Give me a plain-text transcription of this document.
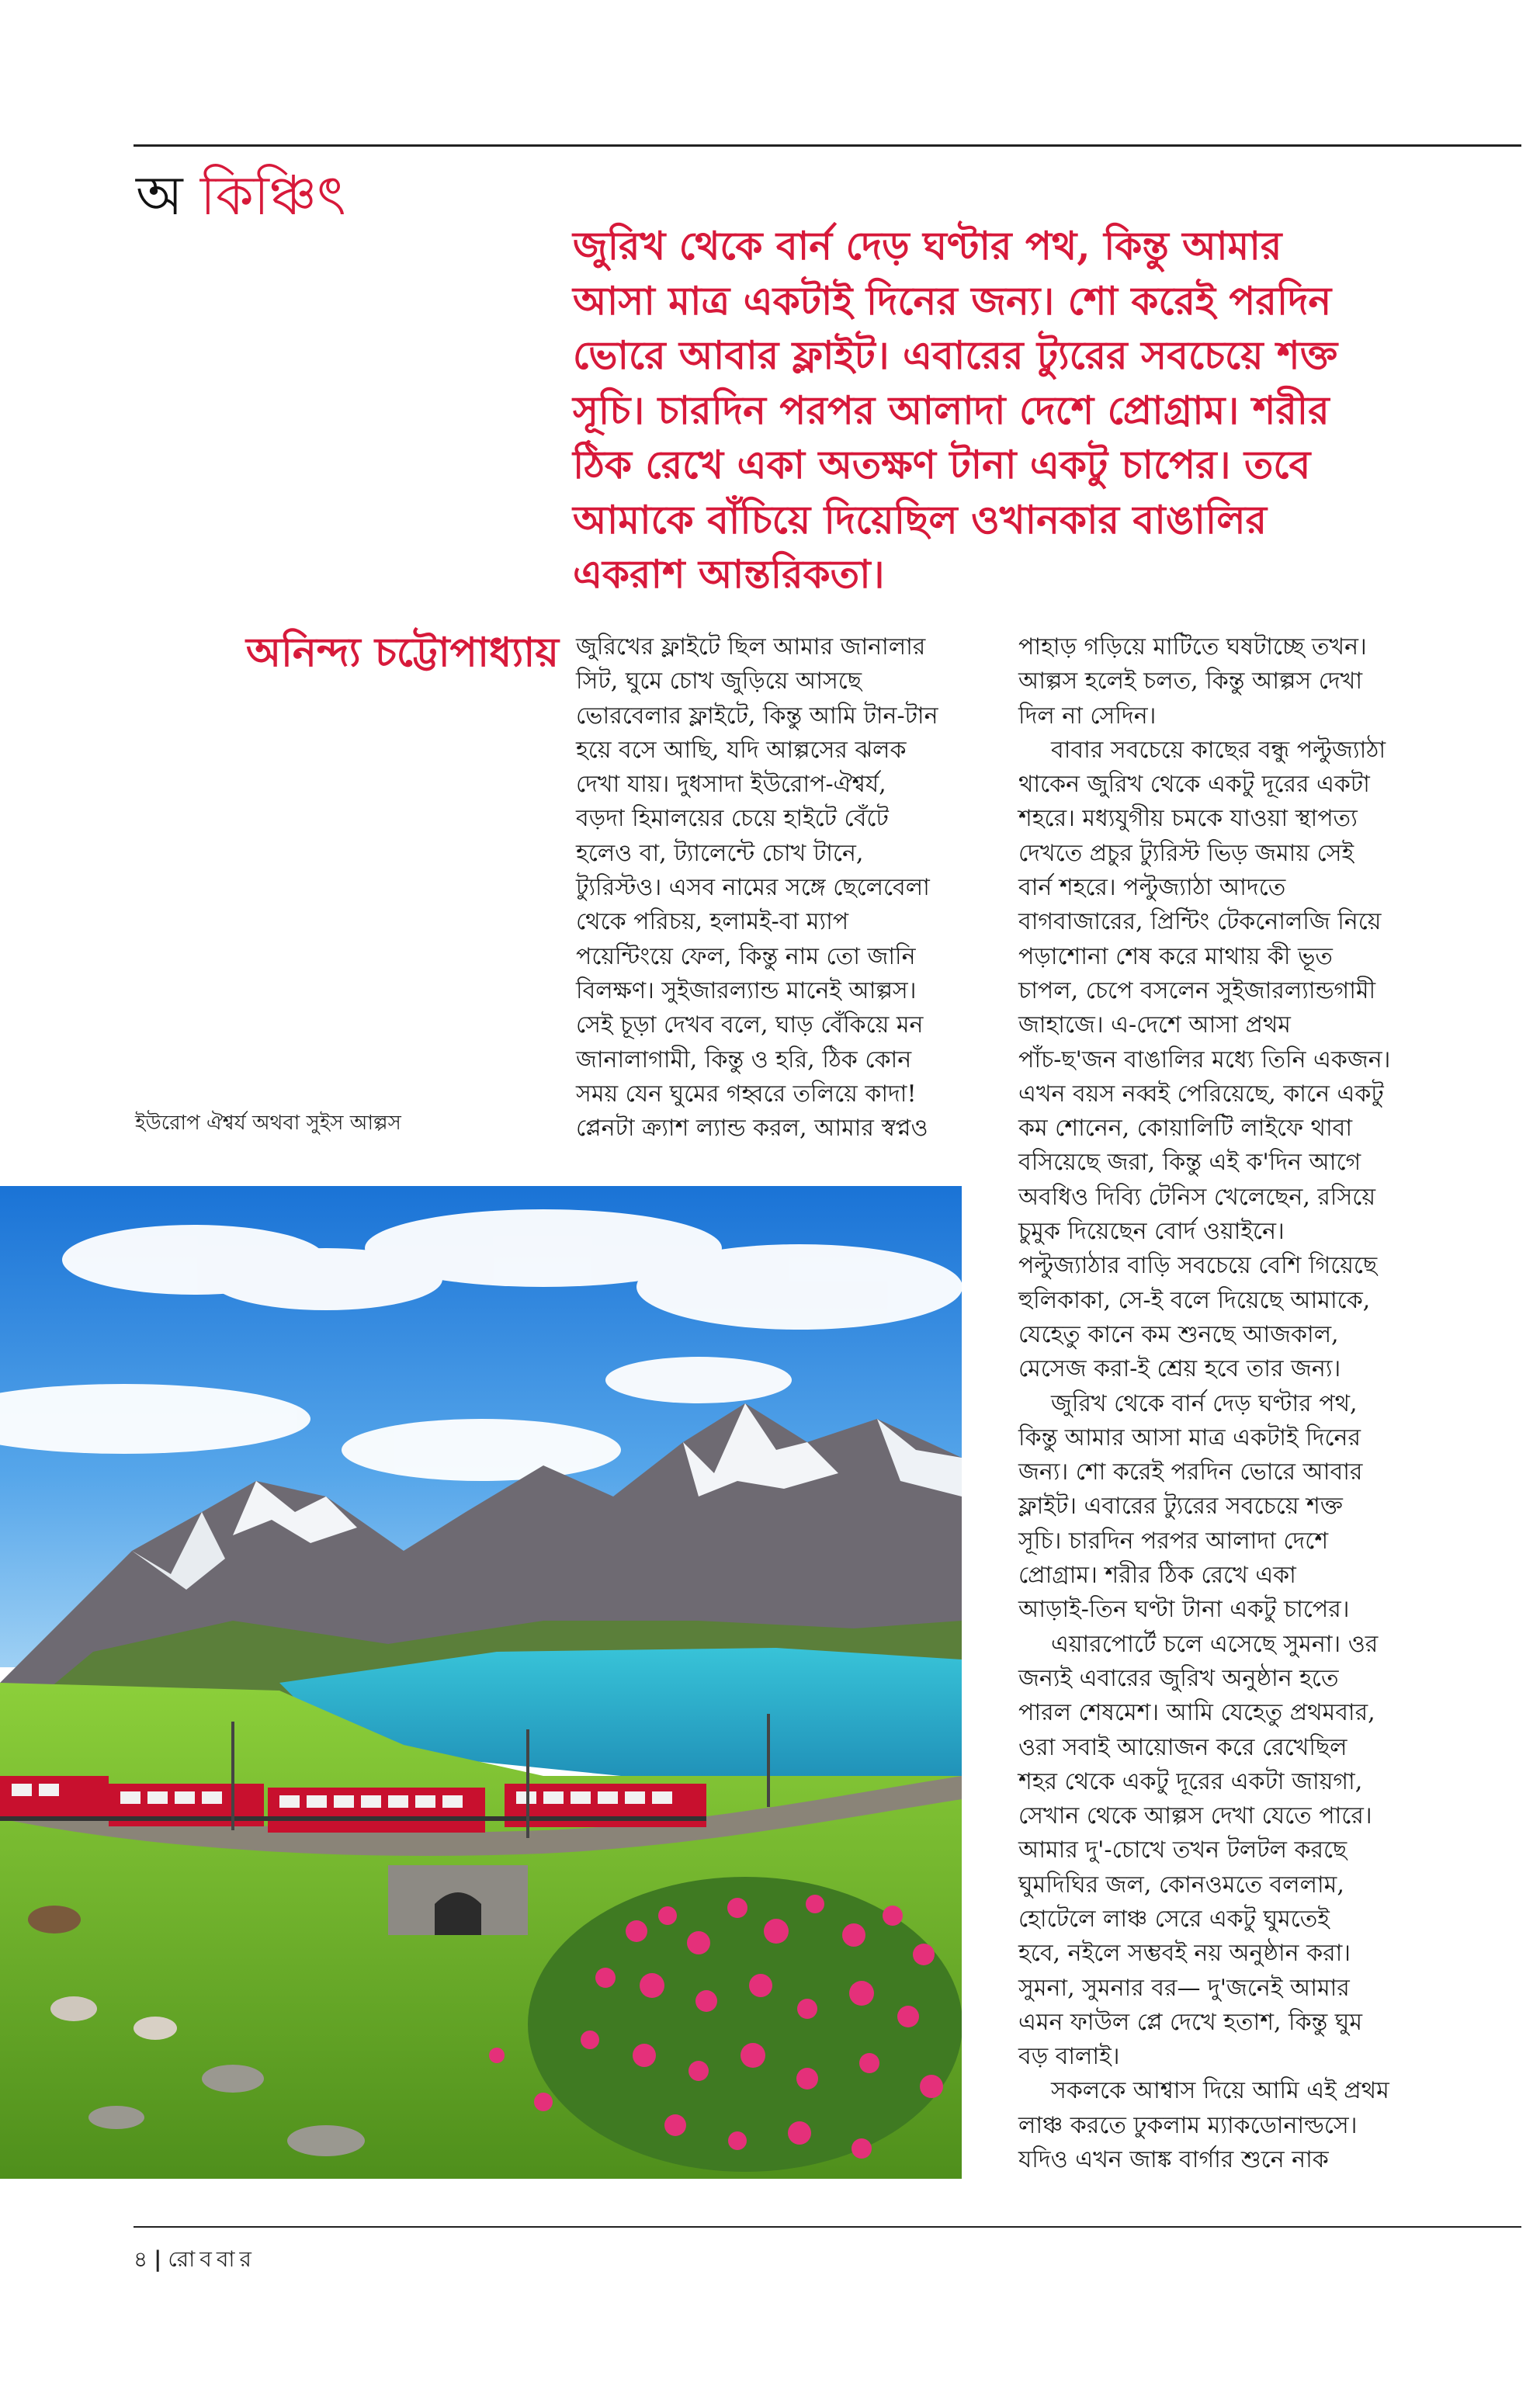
অ কিঞ্চিৎ

জুরিখ থেকে বার্ন দেড় ঘণ্টার পথ, কিন্তু আমার

আসা মাত্র একটাই দিনের জন্য। শো করেই পরদিন

ভোরে আবার ফ্লাইট। এবারের ট্যুরের সবচেয়ে শক্ত

সূচি। চারদিন পরপর আলাদা দেশে প্রোগ্রাম। শরীর

ঠিক রেখে একা অতক্ষণ টানা একটু চাপের। তবে

আমাকে বাঁচিয়ে দিয়েছিল ওখানকার বাঙালির

একরাশ আন্তরিকতা।

অনিন্দ্য চট্টোপাধ্যায় জুরিখের ফ্লাইটে ছিল আমার জানালার

সিট, ঘুমে চোখ জুড়িয়ে আসছে

ভোরবেলার ফ্লাইটে, কিন্তু আমি টান-টান

হয়ে বসে আছি, যদি আল্পসের ঝলক

দেখা যায়। দুধসাদা ইউরোপ-ঐশ্বর্য,

বড়দা হিমালয়ের চেয়ে হাইটে বেঁটে

হলেও বা, ট্যালেন্টে চোখ টানে,

ট্যুরিস্টও। এসব নামের সঙ্গে ছেলেবেলা

থেকে পরিচয়, হলামই-বা ম্যাপ

পয়েন্টিংয়ে ফেল, কিন্তু নাম তো জানি

বিলক্ষণ। সুইজারল্যান্ড মানেই আল্পস।

সেই চূড়া দেখব বলে, ঘাড় বেঁকিয়ে মন

জানালাগামী, কিন্তু ও হরি, ঠিক কোন

সময় যেন ঘুমের গহ্বরে তলিয়ে কাদা!

প্লেনটা ক্র্যাশ ল্যান্ড করল, আমার স্বপ্নও

পাহাড় গড়িয়ে মাটিতে ঘষটাচ্ছে তখন।

আল্পস হলেই চলত, কিন্তু আল্পস দেখা

দিল না সেদিন।

বাবার সবচেয়ে কাছের বন্ধু পল্টুজ্যাঠা

থাকেন জুরিখ থেকে একটু দূরের একটা

শহরে। মধ্যযুগীয় চমকে যাওয়া স্থাপত্য

দেখতে প্রচুর ট্যুরিস্ট ভিড় জমায় সেই

বার্ন শহরে। পল্টুজ্যাঠা আদতে

বাগবাজারের, প্রিন্টিং টেকনোলজি নিয়ে

পড়াশোনা শেষ করে মাথায় কী ভূত

চাপল, চেপে বসলেন সুইজারল্যান্ডগামী

জাহাজে। এ-দেশে আসা প্রথম

পাঁচ-ছ'জন বাঙালির মধ্যে তিনি একজন।

এখন বয়স নব্বই পেরিয়েছে, কানে একটু

কম শোনেন, কোয়ালিটি লাইফে থাবা

বসিয়েছে জরা, কিন্তু এই ক'দিন আগে

অবধিও দিব্যি টেনিস খেলেছেন, রসিয়ে

চুমুক দিয়েছেন বোর্দ ওয়াইনে।

পল্টুজ্যাঠার বাড়ি সবচেয়ে বেশি গিয়েছে

হুলিকাকা, সে-ই বলে দিয়েছে আমাকে,

যেহেতু কানে কম শুনছে আজকাল,

মেসেজ করা-ই শ্রেয় হবে তার জন্য।

জুরিখ থেকে বার্ন দেড় ঘণ্টার পথ,

কিন্তু আমার আসা মাত্র একটাই দিনের

জন্য। শো করেই পরদিন ভোরে আবার

ফ্লাইট। এবারের ট্যুরের সবচেয়ে শক্ত

সূচি। চারদিন পরপর আলাদা দেশে

প্রোগ্রাম। শরীর ঠিক রেখে একা

আড়াই-তিন ঘণ্টা টানা একটু চাপের।

এয়ারপোর্টে চলে এসেছে সুমনা। ওর

জন্যই এবারের জুরিখ অনুষ্ঠান হতে

পারল শেষমেশ। আমি যেহেতু প্রথমবার,

ওরা সবাই আয়োজন করে রেখেছিল

শহর থেকে একটু দূরের একটা জায়গা,

সেখান থেকে আল্পস দেখা যেতে পারে।

আমার দু'-চোখে তখন টলটল করছে

ঘুমদিঘির জল, কোনওমতে বললাম,

হোটেলে লাঞ্চ সেরে একটু ঘুমতেই

হবে, নইলে সম্ভবই নয় অনুষ্ঠান করা।

সুমনা, সুমনার বর— দু'জনেই আমার

এমন ফাউল প্লে দেখে হতাশ, কিন্তু ঘুম

বড় বালাই।

সকলকে আশ্বাস দিয়ে আমি এই প্রথম

লাঞ্চ করতে ঢুকলাম ম্যাকডোনাল্ডসে।

যদিও এখন জাঙ্ক বার্গার শুনে নাক

ইউরোপ ঐশ্বর্য অথবা সুইস আল্পস
৪ | রোববার
